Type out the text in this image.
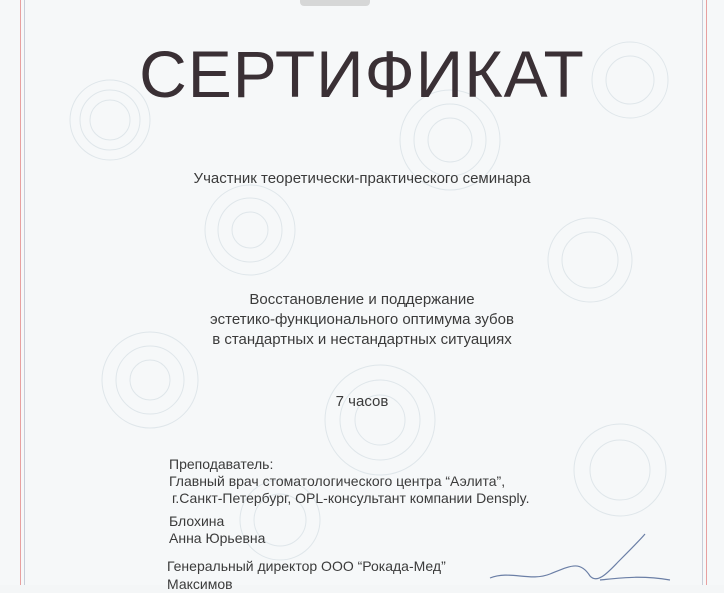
СЕРТИФИКАТ
Участник теоретически-практического семинара
Восстановление и поддержание
эстетико-функционального оптимума зубов
в стандартных и нестандартных ситуациях
7 часов
Преподаватель:
Главный врач стоматологического центра “Аэлита”,
г.Санкт-Петербург, OPL-консультант компании Densply.
Блохина
Анна Юрьевна
Генеральный директор ООО “Рокада-Мед”
Максимов
